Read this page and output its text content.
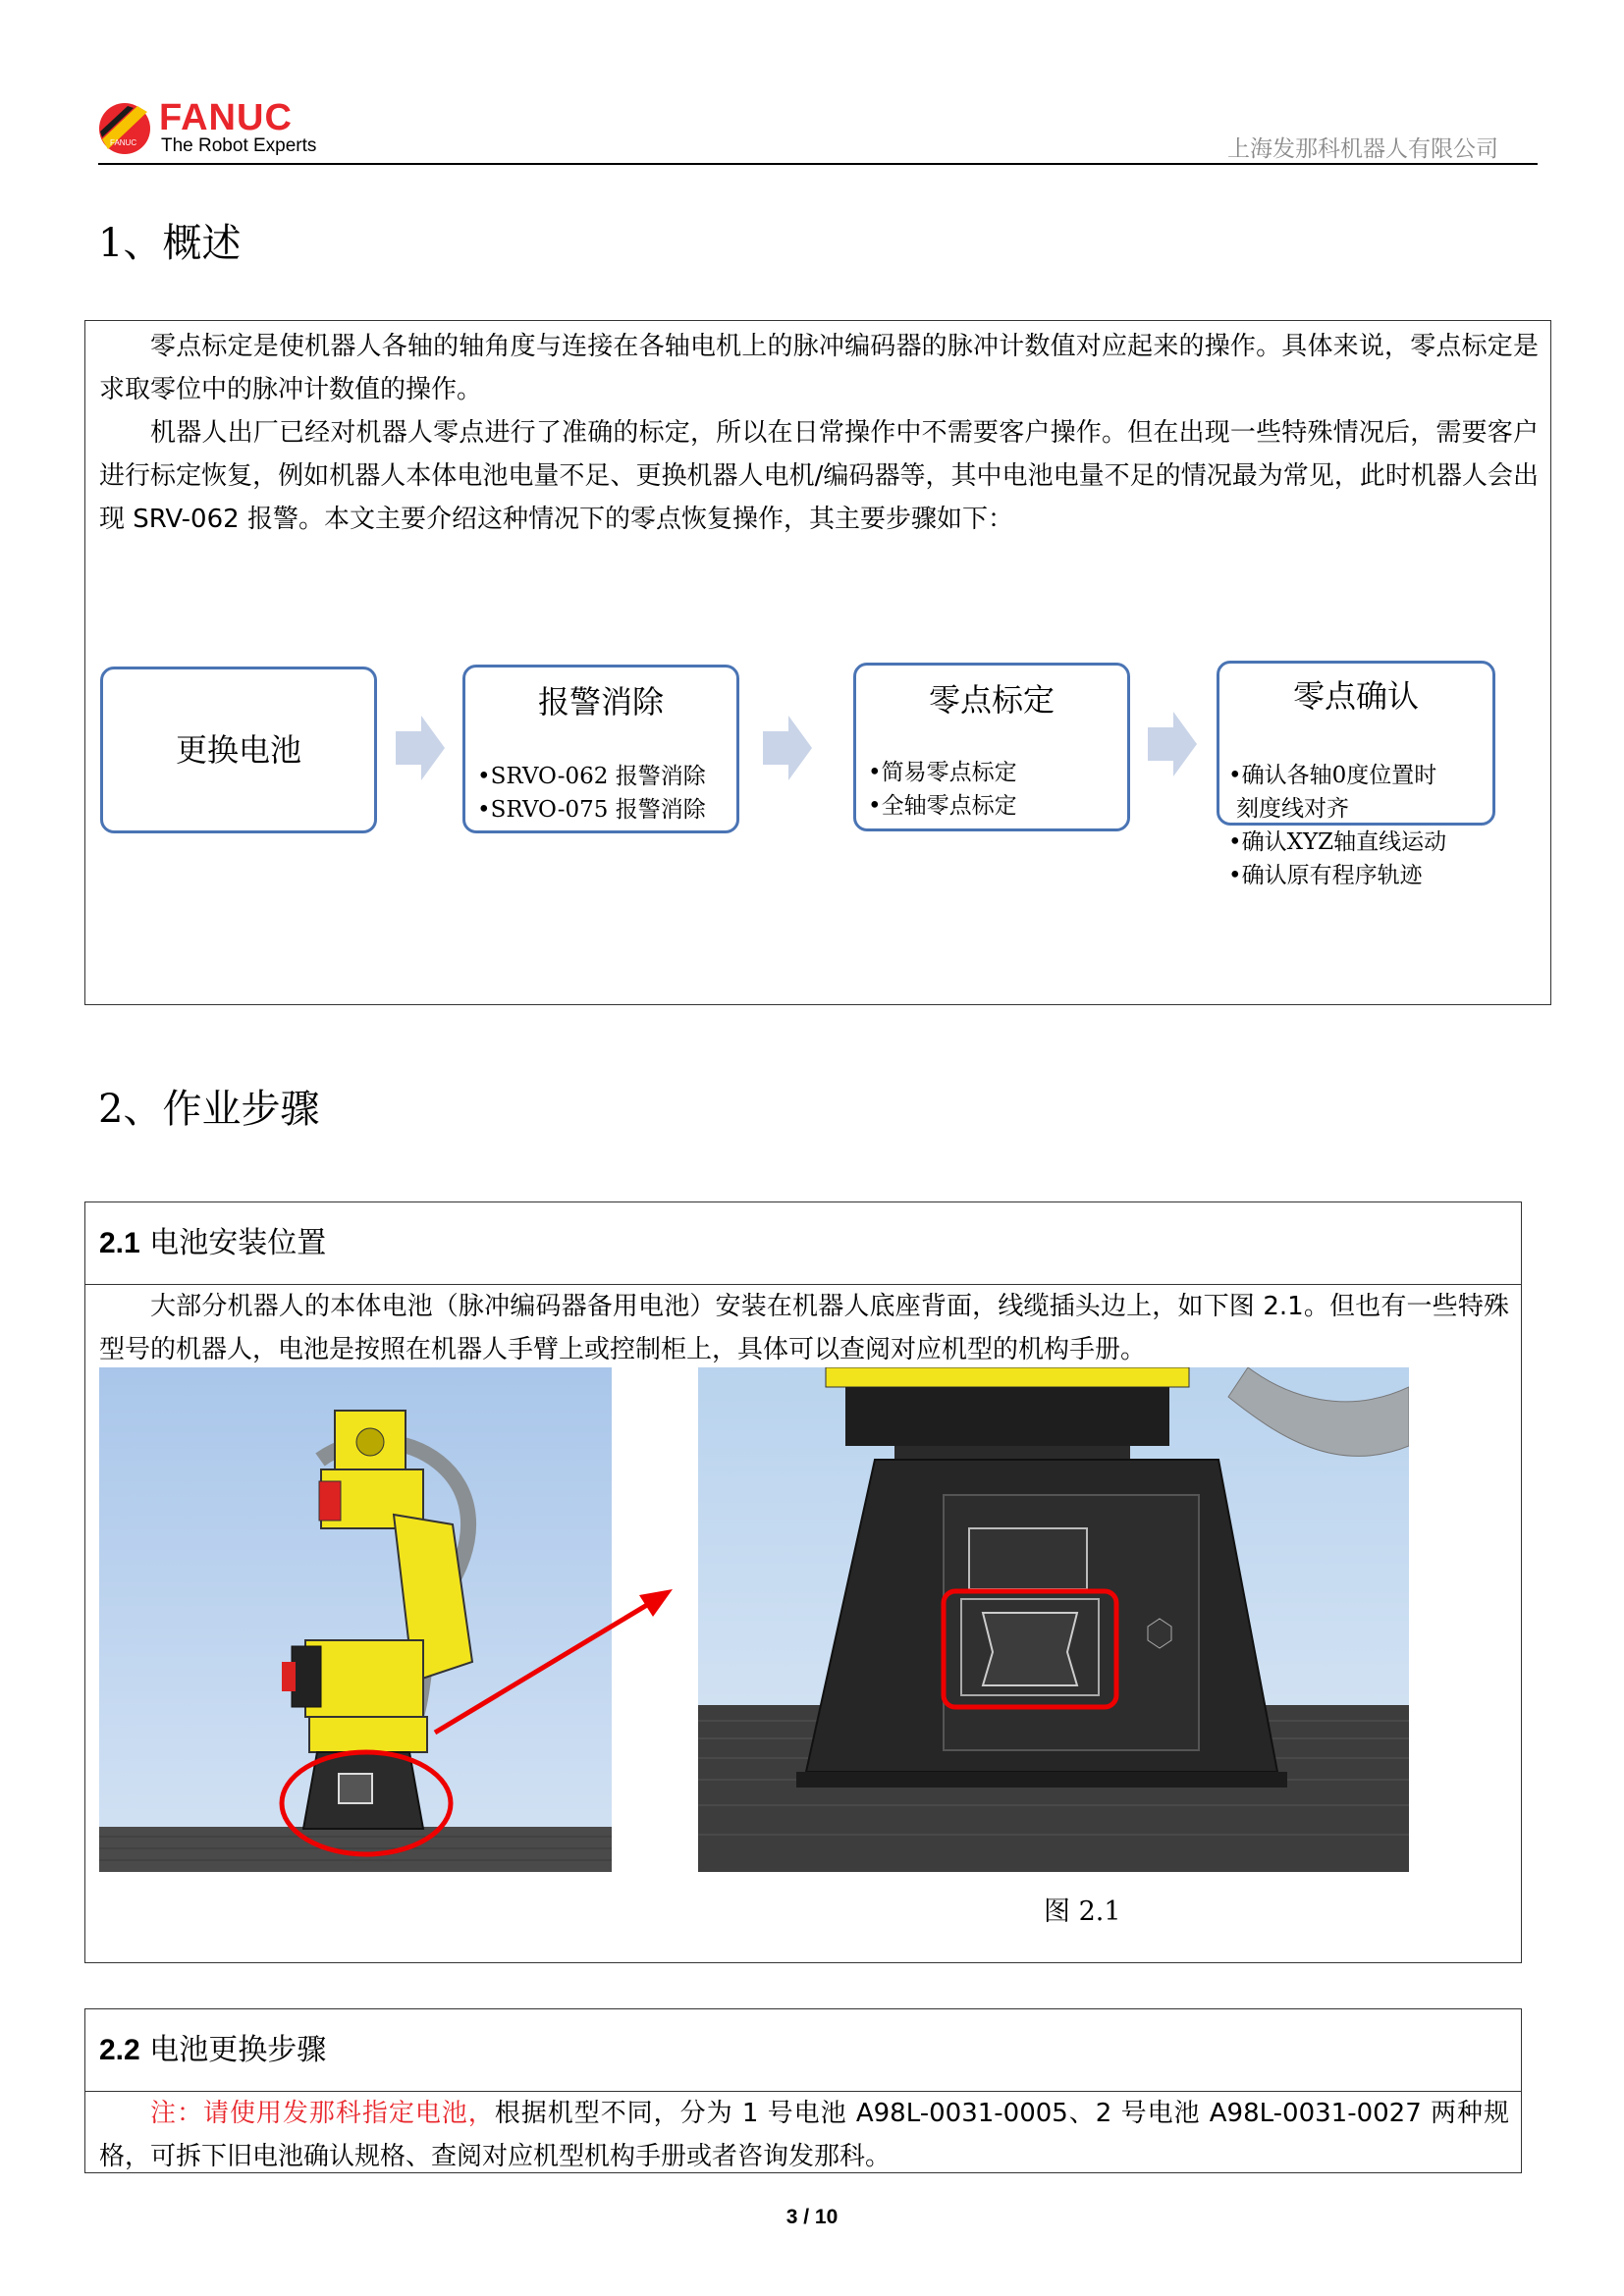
FANUC
FANUC
The Robot Experts	上海发那科机器人有限公司
1、概述

零点标定是使机器人各轴的轴角度与连接在各轴电机上的脉冲编码器的脉冲计数值对应起来的操作。具体来说，零点标定是求取零位中的脉冲计数值的操作。

机器人出厂已经对机器人零点进行了准确的标定，所以在日常操作中不需要客户操作。但在出现一些特殊情况后，需要客户进行标定恢复，例如机器人本体电池电量不足、更换机器人电机/编码器等，其中电池电量不足的情况最为常见，此时机器人会出现 SRV-062 报警。本文主要介绍这种情况下的零点恢复操作，其主要步骤如下：

更换电池
报警消除
•SRVO-062 报警消除
•SRVO-075 报警消除
零点标定
•简易零点标定
•全轴零点标定
零点确认
•确认各轴0度位置时
刻度线对齐
•确认XYZ轴直线运动
•确认原有程序轨迹
2、作业步骤
2.1 电池安装位置

大部分机器人的本体电池（脉冲编码器备用电池）安装在机器人底座背面，线缆插头边上，如下图 2.1。但也有一些特殊型号的机器人，电池是按照在机器人手臂上或控制柜上，具体可以查阅对应机型的机构手册。

图 2.1
2.2 电池更换步骤

注：请使用发那科指定电池，根据机型不同，分为 1 号电池 A98L-0031-0005、2 号电池 A98L-0031-0027 两种规格，可拆下旧电池确认规格、查阅对应机型机构手册或者咨询发那科。

3 / 10
